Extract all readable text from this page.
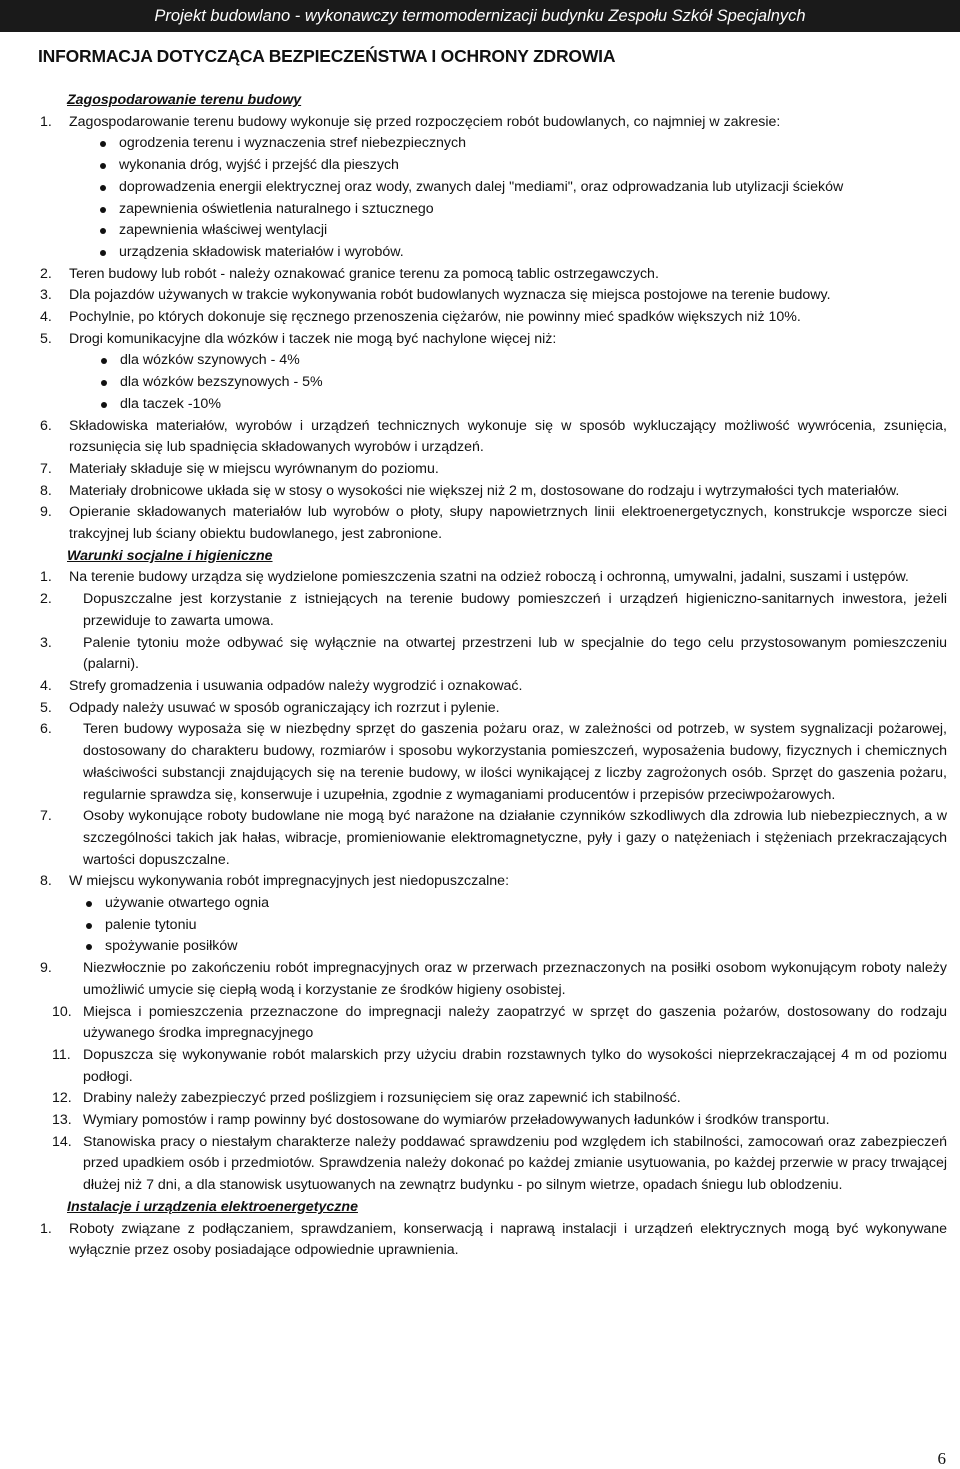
Projekt budowlano - wykonawczy termomodernizacji budynku Zespołu Szkół Specjalnych
INFORMACJA DOTYCZĄCA BEZPIECZEŃSTWA I OCHRONY ZDROWIA
Zagospodarowanie terenu budowy
1. Zagospodarowanie terenu budowy wykonuje się przed rozpoczęciem robót budowlanych, co najmniej w zakresie:
ogrodzenia terenu i wyznaczenia stref niebezpiecznych
wykonania dróg, wyjść i przejść dla pieszych
doprowadzenia energii elektrycznej oraz wody, zwanych dalej "mediami", oraz odprowadzania lub utylizacji ścieków
zapewnienia oświetlenia naturalnego i sztucznego
zapewnienia właściwej wentylacji
urządzenia składowisk materiałów i wyrobów.
2. Teren budowy lub robót - należy oznakować granice terenu za pomocą tablic ostrzegawczych.
3. Dla pojazdów używanych w trakcie wykonywania robót budowlanych wyznacza się miejsca postojowe na terenie budowy.
4. Pochylnie, po których dokonuje się ręcznego przenoszenia ciężarów, nie powinny mieć spadków większych niż 10%.
5. Drogi komunikacyjne dla wózków i taczek nie mogą być nachylone więcej niż:
dla wózków szynowych - 4%
dla wózków bezszynowych - 5%
dla taczek -10%
6. Składowiska materiałów, wyrobów i urządzeń technicznych wykonuje się w sposób wykluczający możliwość wywrócenia, zsunięcia, rozsunięcia się lub spadnięcia składowanych wyrobów i urządzeń.
7. Materiały składuje się w miejscu wyrównanym do poziomu.
8. Materiały drobnicowe układa się w stosy o wysokości nie większej niż 2 m, dostosowane do rodzaju i wytrzymałości tych materiałów.
9. Opieranie składowanych materiałów lub wyrobów o płoty, słupy napowietrznych linii elektroenergetycznych, konstrukcje wsporcze sieci trakcyjnej lub ściany obiektu budowlanego, jest zabronione.
Warunki socjalne i higieniczne
1. Na terenie budowy urządza się wydzielone pomieszczenia szatni na odzież roboczą i ochronną, umywalni, jadalni, suszami i ustępów.
2. Dopuszczalne jest korzystanie z istniejących na terenie budowy pomieszczeń i urządzeń higieniczno-sanitarnych inwestora, jeżeli przewiduje to zawarta umowa.
3. Palenie tytoniu może odbywać się wyłącznie na otwartej przestrzeni lub w specjalnie do tego celu przystosowanym pomieszczeniu (palarni).
4. Strefy gromadzenia i usuwania odpadów należy wygrodzić i oznakować.
5. Odpady należy usuwać w sposób ograniczający ich rozrzut i pylenie.
6. Teren budowy wyposaża się w niezbędny sprzęt do gaszenia pożaru oraz, w zależności od potrzeb, w system sygnalizacji pożarowej, dostosowany do charakteru budowy, rozmiarów i sposobu wykorzystania pomieszczeń, wyposażenia budowy, fizycznych i chemicznych właściwości substancji znajdujących się na terenie budowy, w ilości wynikającej z liczby zagrożonych osób. Sprzęt do gaszenia pożaru, regularnie sprawdza się, konserwuje i uzupełnia, zgodnie z wymaganiami producentów i przepisów przeciwpożarowych.
7. Osoby wykonujące roboty budowlane nie mogą być narażone na działanie czynników szkodliwych dla zdrowia lub niebezpiecznych, a w szczególności takich jak hałas, wibracje, promieniowanie elektromagnetyczne, pyły i gazy o natężeniach i stężeniach przekraczających wartości dopuszczalne.
8. W miejscu wykonywania robót impregnacyjnych jest niedopuszczalne:
używanie otwartego ognia
palenie tytoniu
spożywanie posiłków
9. Niezwłocznie po zakończeniu robót impregnacyjnych oraz w przerwach przeznaczonych na posiłki osobom wykonującym roboty należy umożliwić umycie się ciepłą wodą i korzystanie ze środków higieny osobistej.
10. Miejsca i pomieszczenia przeznaczone do impregnacji należy zaopatrzyć w sprzęt do gaszenia pożarów, dostosowany do rodzaju używanego środka impregnacyjnego
11. Dopuszcza się wykonywanie robót malarskich przy użyciu drabin rozstawnych tylko do wysokości nieprzekraczającej 4 m od poziomu podłogi.
12. Drabiny należy zabezpieczyć przed poślizgiem i rozsunięciem się oraz zapewnić ich stabilność.
13. Wymiary pomostów i ramp powinny być dostosowane do wymiarów przeładowywanych ładunków i środków transportu.
14. Stanowiska pracy o niestałym charakterze należy poddawać sprawdzeniu pod względem ich stabilności, zamocowań oraz zabezpieczeń przed upadkiem osób i przedmiotów. Sprawdzenia należy dokonać po każdej zmianie usytuowania, po każdej przerwie w pracy trwającej dłużej niż 7 dni, a dla stanowisk usytuowanych na zewnątrz budynku - po silnym wietrze, opadach śniegu lub oblodzeniu.
Instalacje i urządzenia elektroenergetyczne
1. Roboty związane z podłączaniem, sprawdzaniem, konserwacją i naprawą instalacji i urządzeń elektrycznych mogą być wykonywane wyłącznie przez osoby posiadające odpowiednie uprawnienia.
6
